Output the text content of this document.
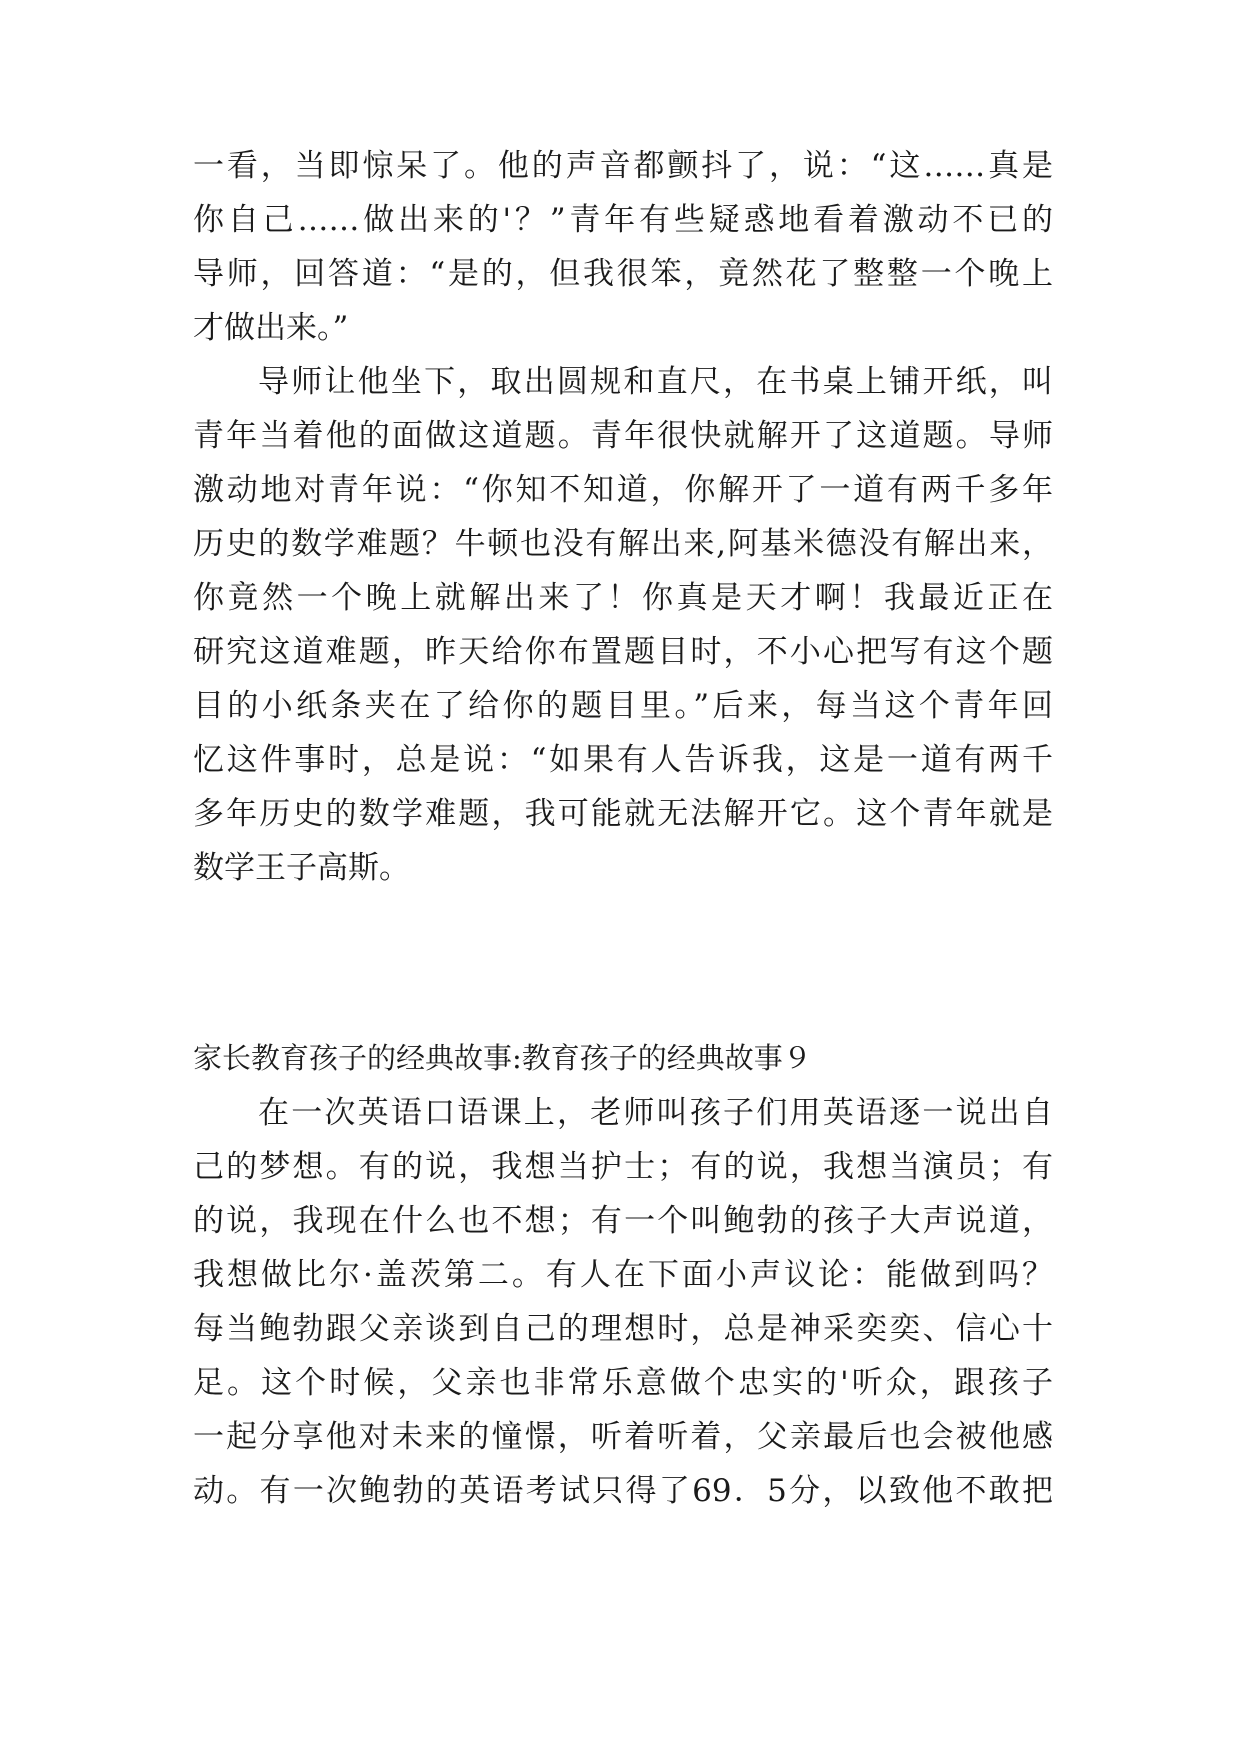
一看，当即惊呆了。他的声音都颤抖了，说：“这……真是
你自己……做出来的'？”青年有些疑惑地看着激动不已的
导师，回答道：“是的，但我很笨，竟然花了整整一个晚上
才做出来。”
导师让他坐下，取出圆规和直尺，在书桌上铺开纸，叫
青年当着他的面做这道题。青年很快就解开了这道题。导师
激动地对青年说：“你知不知道，你解开了一道有两千多年
历史的数学难题？牛顿也没有解出来,阿基米德没有解出来，
你竟然一个晚上就解出来了！你真是天才啊！我最近正在
研究这道难题，昨天给你布置题目时，不小心把写有这个题
目的小纸条夹在了给你的题目里。”后来，每当这个青年回
忆这件事时，总是说：“如果有人告诉我，这是一道有两千
多年历史的数学难题，我可能就无法解开它。这个青年就是
数学王子高斯。
家长教育孩子的经典故事:教育孩子的经典故事９
在一次英语口语课上，老师叫孩子们用英语逐一说出自
己的梦想。有的说，我想当护士；有的说，我想当演员；有
的说，我现在什么也不想；有一个叫鲍勃的孩子大声说道，
我想做比尔·盖茨第二。有人在下面小声议论：能做到吗？
每当鲍勃跟父亲谈到自己的理想时，总是神采奕奕、信心十
足。这个时候，父亲也非常乐意做个忠实的'听众，跟孩子
一起分享他对未来的憧憬，听着听着，父亲最后也会被他感
动。有一次鲍勃的英语考试只得了69．5分，以致他不敢把
